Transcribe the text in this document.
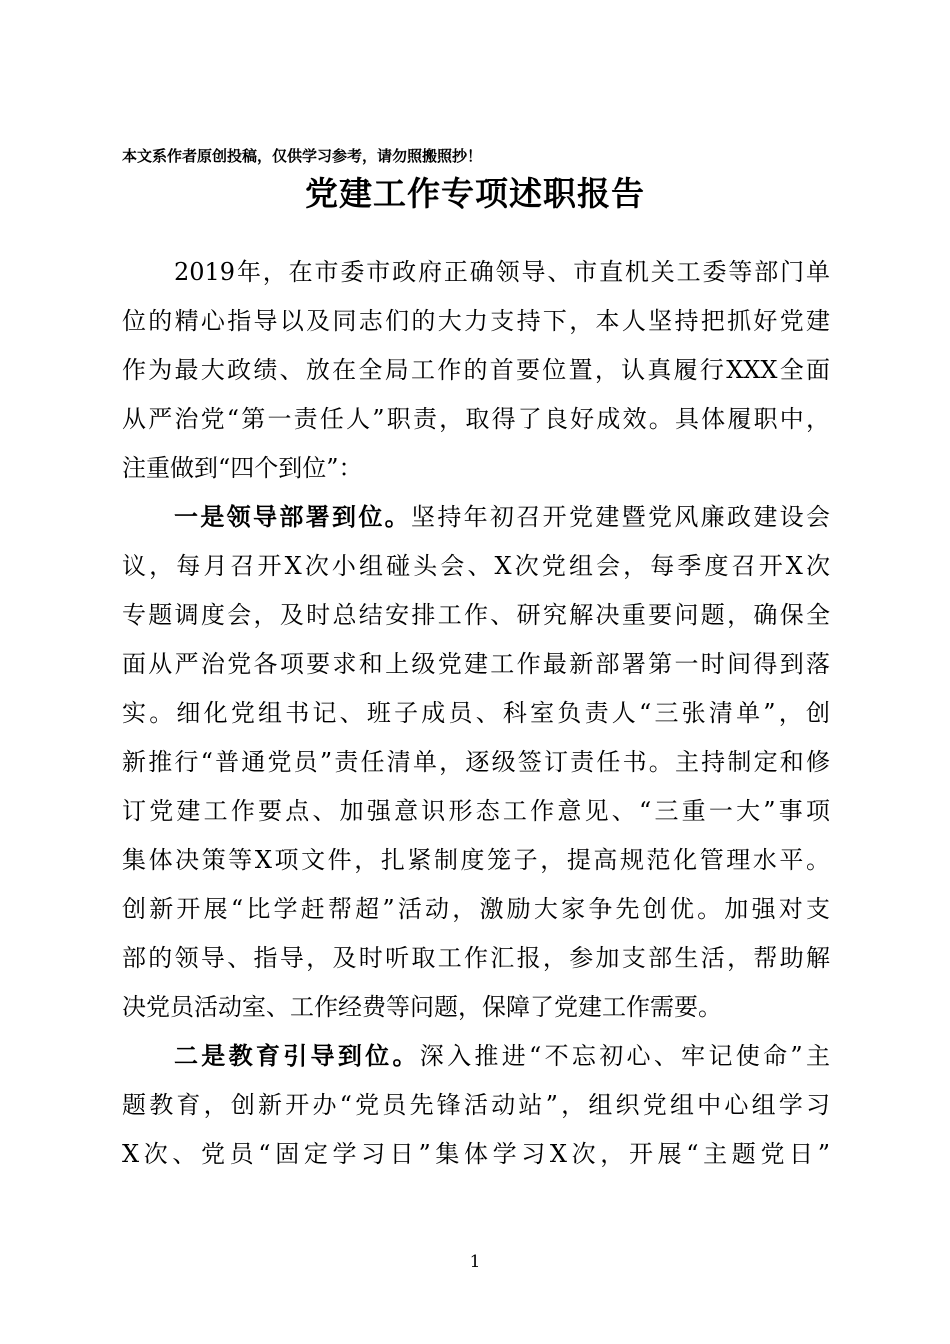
本文系作者原创投稿，仅供学习参考，请勿照搬照抄！
党建工作专项述职报告
2019年，在市委市政府正确领导、市直机关工委等部门单
位的精心指导以及同志们的大力支持下，本人坚持把抓好党建
作为最大政绩、放在全局工作的首要位置，认真履行XXX全面
从严治党“第一责任人”职责，取得了良好成效。具体履职中，
注重做到“四个到位”：
一是领导部署到位。坚持年初召开党建暨党风廉政建设会
议，每月召开X次小组碰头会、X次党组会，每季度召开X次
专题调度会，及时总结安排工作、研究解决重要问题，确保全
面从严治党各项要求和上级党建工作最新部署第一时间得到落
实。细化党组书记、班子成员、科室负责人“三张清单”，创
新推行“普通党员”责任清单，逐级签订责任书。主持制定和修
订党建工作要点、加强意识形态工作意见、“三重一大”事项
集体决策等X项文件，扎紧制度笼子，提高规范化管理水平。
创新开展“比学赶帮超”活动，激励大家争先创优。加强对支
部的领导、指导，及时听取工作汇报，参加支部生活，帮助解
决党员活动室、工作经费等问题，保障了党建工作需要。
二是教育引导到位。深入推进“不忘初心、牢记使命”主
题教育，创新开办“党员先锋活动站”，组织党组中心组学习
X次、党员“固定学习日”集体学习X次，开展“主题党日”
1
